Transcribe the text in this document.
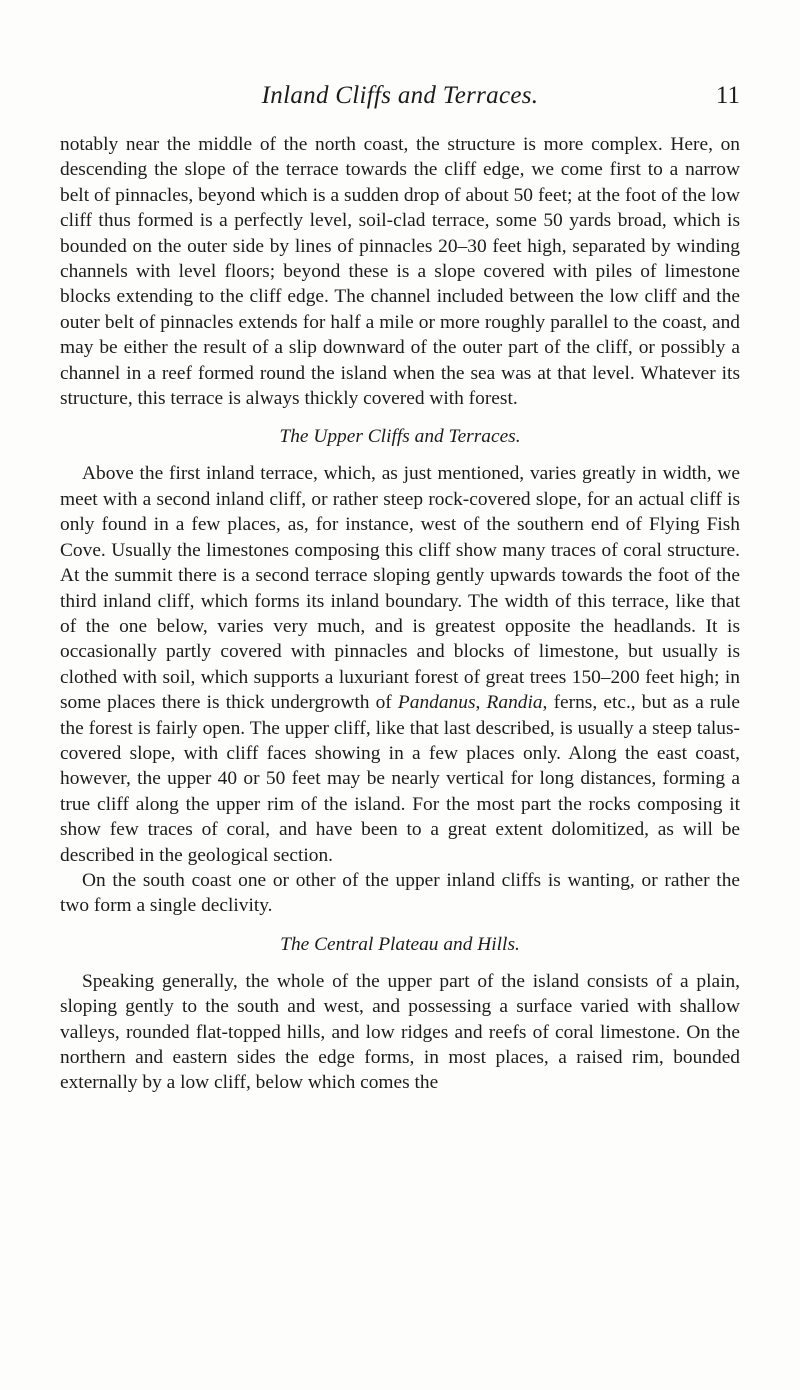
Inland Cliffs and Terraces.	11

notably near the middle of the north coast, the structure is more complex. Here, on descending the slope of the terrace towards the cliff edge, we come first to a narrow belt of pinnacles, beyond which is a sudden drop of about 50 feet; at the foot of the low cliff thus formed is a perfectly level, soil-clad terrace, some 50 yards broad, which is bounded on the outer side by lines of pinnacles 20–30 feet high, separated by winding channels with level floors; beyond these is a slope covered with piles of limestone blocks extending to the cliff edge. The channel included between the low cliff and the outer belt of pinnacles extends for half a mile or more roughly parallel to the coast, and may be either the result of a slip downward of the outer part of the cliff, or possibly a channel in a reef formed round the island when the sea was at that level. Whatever its structure, this terrace is always thickly covered with forest.

The Upper Cliffs and Terraces.

Above the first inland terrace, which, as just mentioned, varies greatly in width, we meet with a second inland cliff, or rather steep rock-covered slope, for an actual cliff is only found in a few places, as, for instance, west of the southern end of Flying Fish Cove. Usually the limestones composing this cliff show many traces of coral structure. At the summit there is a second terrace sloping gently upwards towards the foot of the third inland cliff, which forms its inland boundary. The width of this terrace, like that of the one below, varies very much, and is greatest opposite the headlands. It is occasionally partly covered with pinnacles and blocks of limestone, but usually is clothed with soil, which supports a luxuriant forest of great trees 150–200 feet high; in some places there is thick undergrowth of Pandanus, Randia, ferns, etc., but as a rule the forest is fairly open. The upper cliff, like that last described, is usually a steep talus-covered slope, with cliff faces showing in a few places only. Along the east coast, however, the upper 40 or 50 feet may be nearly vertical for long distances, forming a true cliff along the upper rim of the island. For the most part the rocks composing it show few traces of coral, and have been to a great extent dolomitized, as will be described in the geological section.

On the south coast one or other of the upper inland cliffs is wanting, or rather the two form a single declivity.

The Central Plateau and Hills.

Speaking generally, the whole of the upper part of the island consists of a plain, sloping gently to the south and west, and possessing a surface varied with shallow valleys, rounded flat-topped hills, and low ridges and reefs of coral limestone. On the northern and eastern sides the edge forms, in most places, a raised rim, bounded externally by a low cliff, below which comes the
